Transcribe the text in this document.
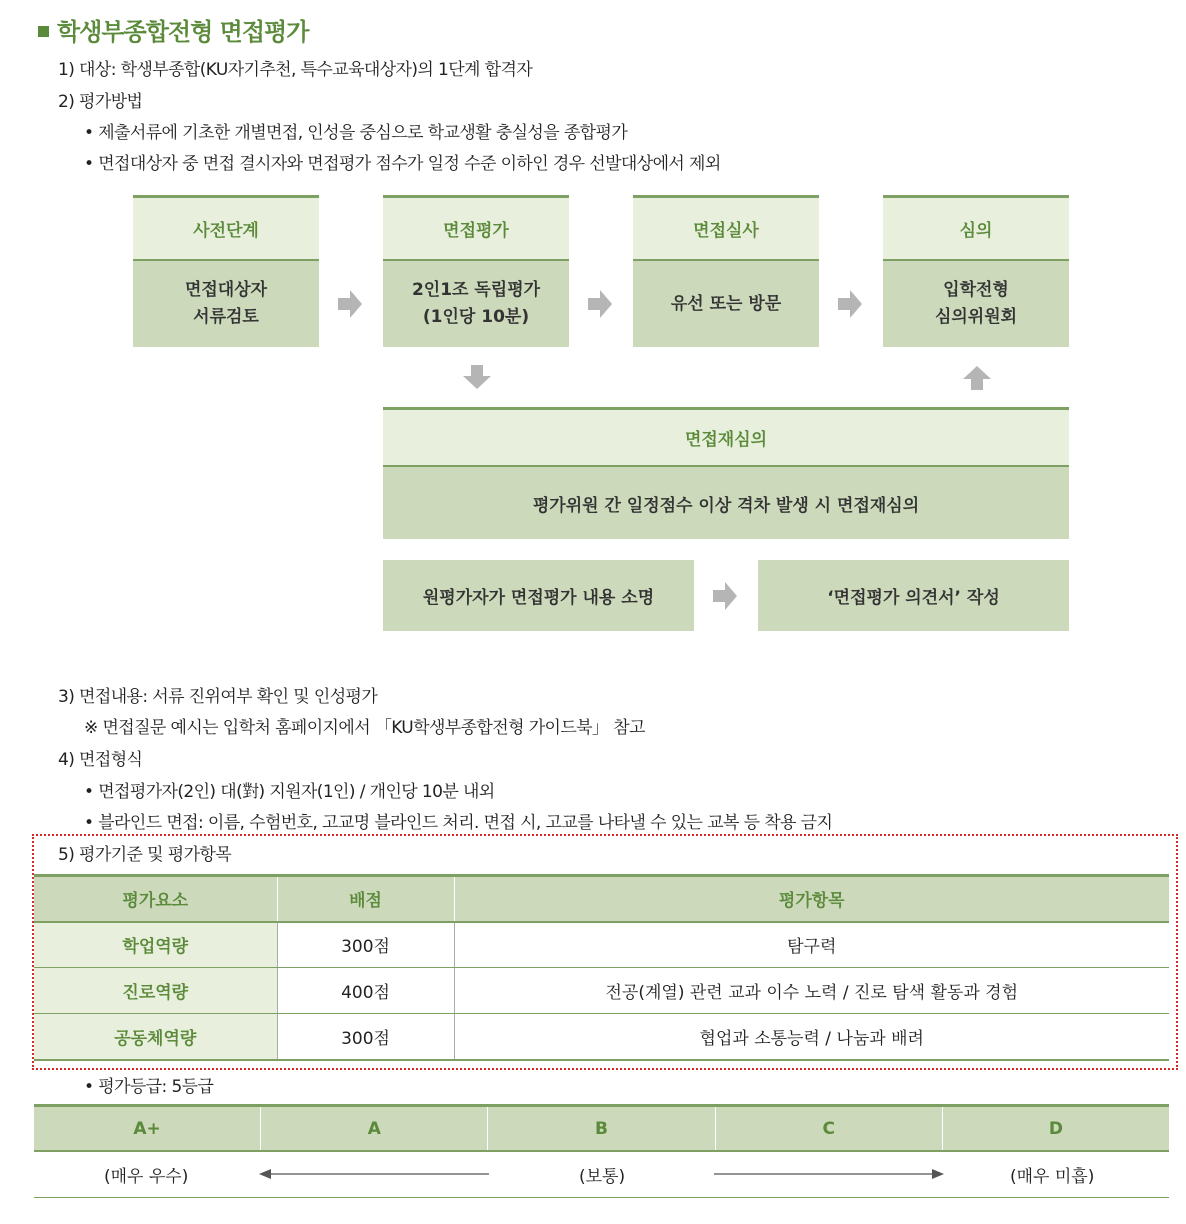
학생부종합전형 면접평가
1) 대상: 학생부종합(KU자기추천, 특수교육대상자)의 1단계 합격자
2) 평가방법
• 제출서류에 기초한 개별면접, 인성을 중심으로 학교생활 충실성을 종합평가
• 면접대상자 중 면접 결시자와 면접평가 점수가 일정 수준 이하인 경우 선발대상에서 제외
사전단계
면접대상자
서류검토
면접평가
2인1조 독립평가
(1인당 10분)
면접실사
유선 또는 방문
심의
입학전형
심의위원회
면접재심의
평가위원 간 일정점수 이상 격차 발생 시 면접재심의
원평가자가 면접평가 내용 소명	‘면접평가 의견서’ 작성
3) 면접내용: 서류 진위여부 확인 및 인성평가
※ 면접질문 예시는 입학처 홈페이지에서 「KU학생부종합전형 가이드북」 참고
4) 면접형식
• 면접평가자(2인) 대(對) 지원자(1인) / 개인당 10분 내외
• 블라인드 면접: 이름, 수험번호, 고교명 블라인드 처리. 면접 시, 고교를 나타낼 수 있는 교복 등 착용 금지
5) 평가기준 및 평가항목
평가요소	배점	평가항목
학업역량	300점	탐구력
진로역량	400점	전공(계열) 관련 교과 이수 노력 / 진로 탐색 활동과 경험
공동체역량	300점	협업과 소통능력 / 나눔과 배려
• 평가등급: 5등급
A+	A	B	C	D
(매우 우수)	(보통)	(매우 미흡)
